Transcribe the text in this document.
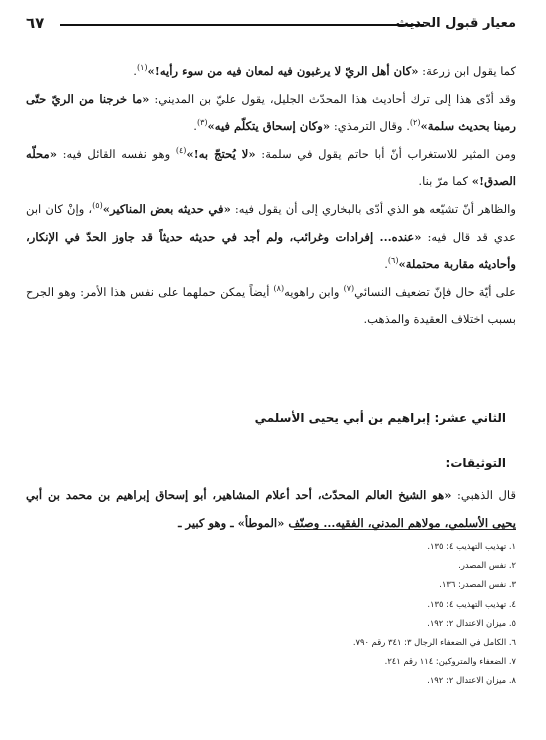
معيار قبول الحديث
٦٧

كما يقول ابن زرعة: «كان أهل الريّ لا يرغبون فيه لمعان فيه من سوء رأيه!»$^{(١)}$.

وقد أدّى هذا إلى ترك أحاديث هذا المحدّث الجليل، يقول عليّ بن المديني: «ما خرجنا من الريّ حتّى رمينا بحديث سلمة»$^{(٢)}$. وقال الترمذي: «وكان إسحاق يتكلّم فيه»$^{(٣)}$.

ومن المثير للاستغراب أنّ أبا حاتم يقول في سلمة: «لا يُحتجّ به!»$^{(٤)}$ وهو نفسه القائل فيه: «محلّه الصدق!» كما مرّ بنا.

والظاهر أنّ تشيّعه هو الذي أدّى بالبخاري إلى أن يقول فيه: «في حديثه بعض المناكير»$^{(٥)}$، وإنْ كان ابن عدي قد قال فيه: «عنده... إفرادات وغرائب، ولم أجد في حديثه حديثاً قد جاوز الحدّ في الإنكار، وأحاديثه مقاربة محتملة»$^{(٦)}$.

على أيّة حال فإنّ تضعيف النسائي$^{(٧)}$ وابن راهويه$^{(٨)}$ أيضاً يمكن حملهما على نفس هذا الأمر: وهو الجرح بسبب اختلاف العقيدة والمذهب.

الثاني عشر: إبراهيم بن أبي يحيى الأسلمي
التوثيقات:

قال الذهبي: «هو الشيخ العالم المحدّث، أحد أعلام المشاهير، أبو إسحاق إبراهيم بن محمد بن أبي يحيى الأسلمي، مولاهم المدني، الفقيه... وصنّف «الموطأ» ـ وهو كبير ـ

١. تهذيب التهذيب ٤: ١٣٥.
٢. نفس المصدر.
٣. نفس المصدر: ١٣٦.
٤. تهذيب التهذيب ٤: ١٣٥.
٥. ميزان الاعتدال ٢: ١٩٢.
٦. الكامل في الضعفاء الرجال ٣: ٣٤١ رقم ٧٩٠.
٧. الضعفاء والمتروكين: ١١٤ رقم ٢٤١.
٨. ميزان الاعتدال ٢: ١٩٢.
